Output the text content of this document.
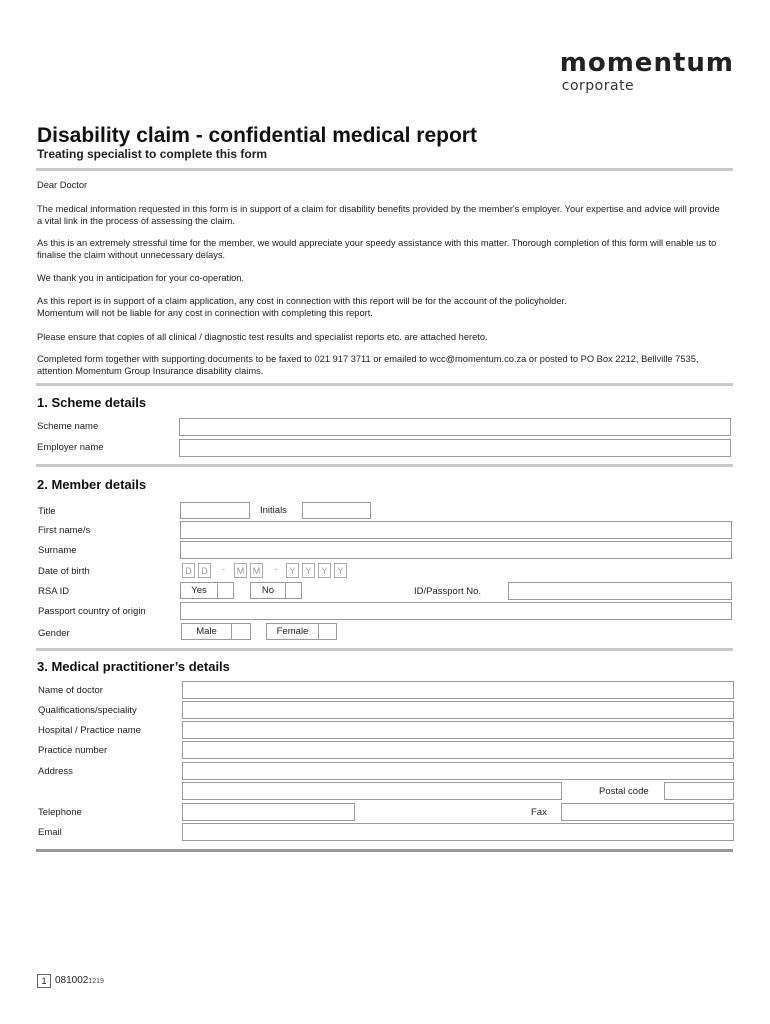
momentum
corporate
Disability claim - confidential medical report
Treating specialist to complete this form
Dear Doctor
The medical information requested in this form is in support of a claim for disability benefits provided by the member's employer. Your expertise and advice will provide a vital link in the process of assessing the claim.
As this is an extremely stressful time for the member, we would appreciate your speedy assistance with this matter. Thorough completion of this form will enable us to finalise the claim without unnecessary delays.
We thank you in anticipation for your co-operation.
As this report is in support of a claim application, any cost in connection with this report will be for the account of the policyholder.
Momentum will not be liable for any cost in connection with completing this report.
Please ensure that copies of all clinical / diagnostic test results and specialist reports etc. are attached hereto.
Completed form together with supporting documents to be faxed to 021 917 3711 or emailed to wcc@momentum.co.za or posted to PO Box 2212, Bellville 7535, attention Momentum Group Insurance disability claims.
1. Scheme details
Scheme name
Employer name
2. Member details
Title	Initials
First name/s
Surname
Date of birth	D	D	-	M M	-	Y	Y	Y	Y
RSA ID	Yes	No	ID/Passport No.
Passport country of origin
Gender	Male	Female
3. Medical practitioner’s details
Name of doctor
Qualifications/speciality
Hospital / Practice name
Practice number
Address
Postal code
Telephone	Fax
Email
1 0810021219
